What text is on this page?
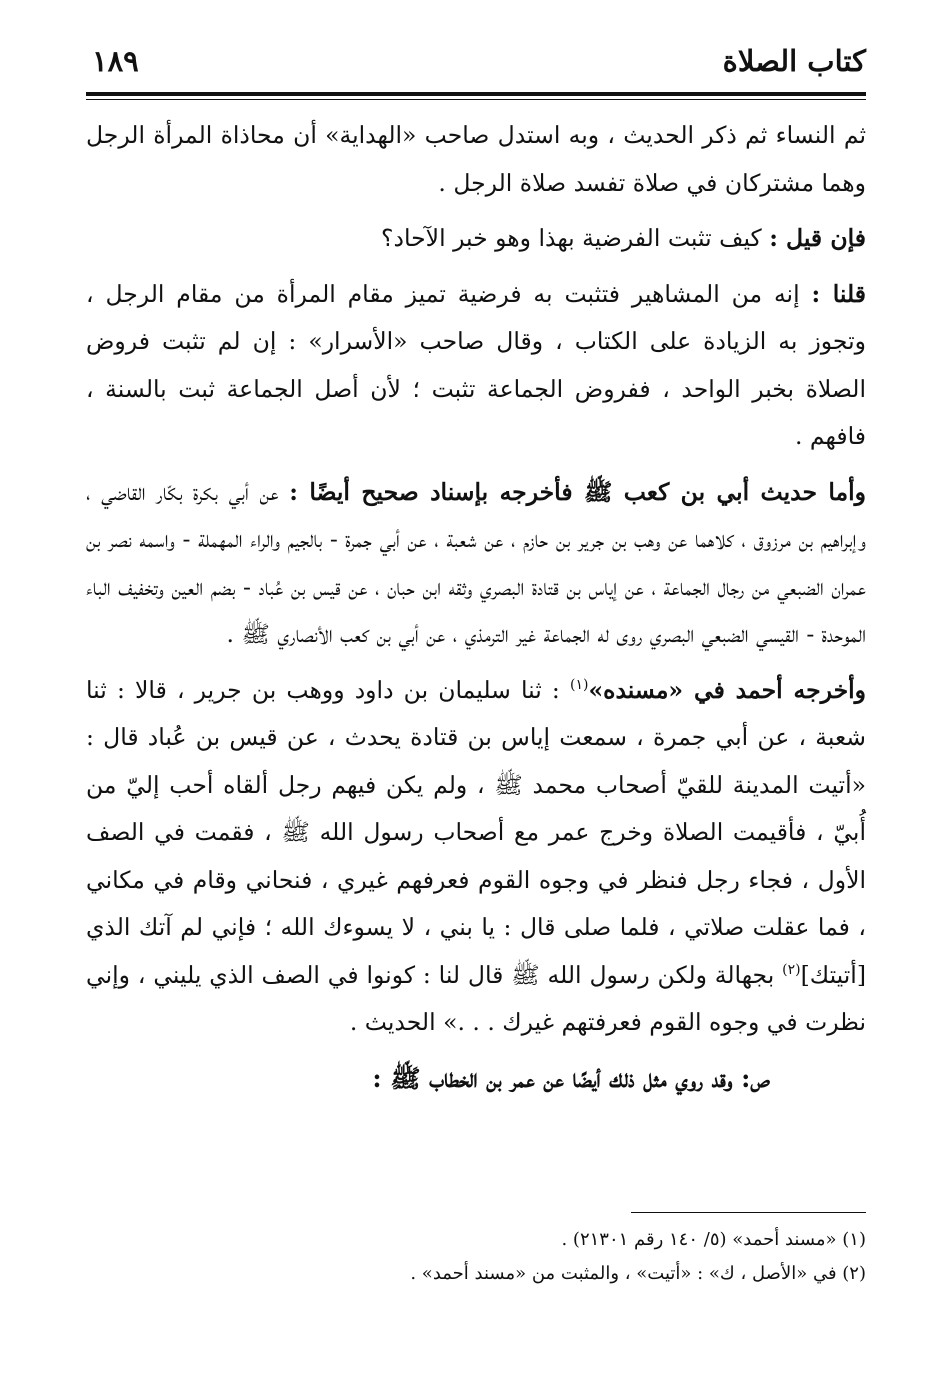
كتاب الصلاة
١٨٩

ثم النساء ثم ذكر الحديث ، وبه استدل صاحب «الهداية» أن محاذاة المرأة الرجل وهما مشتركان في صلاة تفسد صلاة الرجل .

فإن قيل : كيف تثبت الفرضية بهذا وهو خبر الآحاد؟

قلنا : إنه من المشاهير فتثبت به فرضية تميز مقام المرأة من مقام الرجل ، وتجوز به الزيادة على الكتاب ، وقال صاحب «الأسرار» : إن لم تثبت فروض الصلاة بخبر الواحد ، ففروض الجماعة تثبت ؛ لأن أصل الجماعة ثبت بالسنة ، فافهم .

وأما حديث أبي بن كعب ﷺ فأخرجه بإسناد صحيح أيضًا : عن أبي بكرة بكّار القاضي ، وإبراهيم بن مرزوق ، كلاهما عن وهب بن جرير بن حازم ، عن شعبة ، عن أبي جمرة - بالجيم والراء المهملة - واسمه نصر بن عمران الضبعي من رجال الجماعة ، عن إياس بن قتادة البصري وثقه ابن حبان ، عن قيس بن عُباد - بضم العين وتخفيف الباء الموحدة - القيسي الضبعي البصري روى له الجماعة غير الترمذي ، عن أبي بن كعب الأنصاري ﷺ .

وأخرجه أحمد في «مسنده»$^{(١)}$ : ثنا سليمان بن داود ووهب بن جرير ، قالا : ثنا شعبة ، عن أبي جمرة ، سمعت إياس بن قتادة يحدث ، عن قيس بن عُباد قال : «أتيت المدينة للقيّ أصحاب محمد ﷺ ، ولم يكن فيهم رجل ألقاه أحب إليّ من أُبيّ ، فأقيمت الصلاة وخرج عمر مع أصحاب رسول الله ﷺ ، فقمت في الصف الأول ، فجاء رجل فنظر في وجوه القوم فعرفهم غيري ، فنحاني وقام في مكاني ، فما عقلت صلاتي ، فلما صلى قال : يا بني ، لا يسوءك الله ؛ فإني لم آتك الذي [أتيتك]$^{(٢)}$ بجهالة ولكن رسول الله ﷺ قال لنا : كونوا في الصف الذي يليني ، وإني نظرت في وجوه القوم فعرفتهم غيرك . . .» الحديث .

ص: وقد روي مثل ذلك أيضًا عن عمر بن الخطاب ﷺ :

(١) «مسند أحمد» (٥/ ١٤٠ رقم ٢١٣٠١) .
(٢) في «الأصل ، ك» : «أتيت» ، والمثبت من «مسند أحمد» .
